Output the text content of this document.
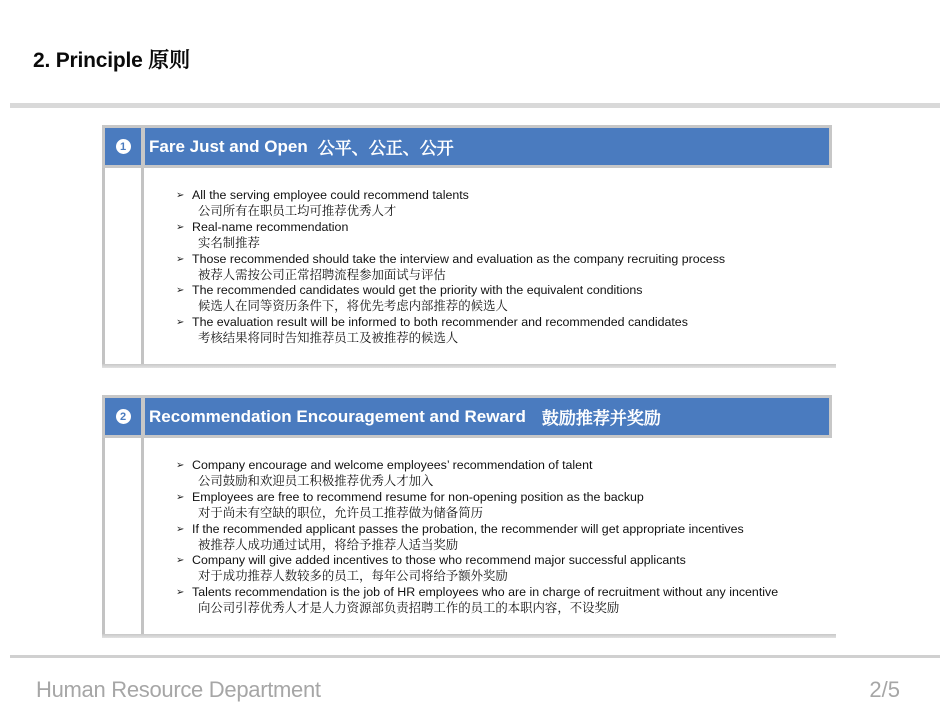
2. Principle 原则
1 Fare Just and Open 公平、公正、公开
➢ All the serving employee could recommend talents
公司所有在职员工均可推荐优秀人才
➢ Real-name recommendation
实名制推荐
➢ Those recommended should take the interview and evaluation as the company recruiting process
被荐人需按公司正常招聘流程参加面试与评估
➢ The recommended candidates would get the priority with the equivalent conditions
候选人在同等资历条件下，将优先考虑内部推荐的候选人
➢ The evaluation result will be informed to both recommender and recommended candidates
考核结果将同时告知推荐员工及被推荐的候选人
2 Recommendation Encouragement and Reward 鼓励推荐并奖励
➢ Company encourage and welcome employees’ recommendation of talent
公司鼓励和欢迎员工积极推荐优秀人才加入
➢ Employees are free to recommend resume for non-opening position as the backup
对于尚未有空缺的职位，允许员工推荐做为储备简历
➢ If the recommended applicant passes the probation, the recommender will get appropriate incentives
被推荐人成功通过试用，将给予推荐人适当奖励
➢ Company will give added incentives to those who recommend major successful applicants
对于成功推荐人数较多的员工，每年公司将给予额外奖励
➢ Talents recommendation is the job of HR employees who are in charge of recruitment without any incentive
向公司引荐优秀人才是人力资源部负责招聘工作的员工的本职内容，不设奖励
Human Resource Department	2/5
